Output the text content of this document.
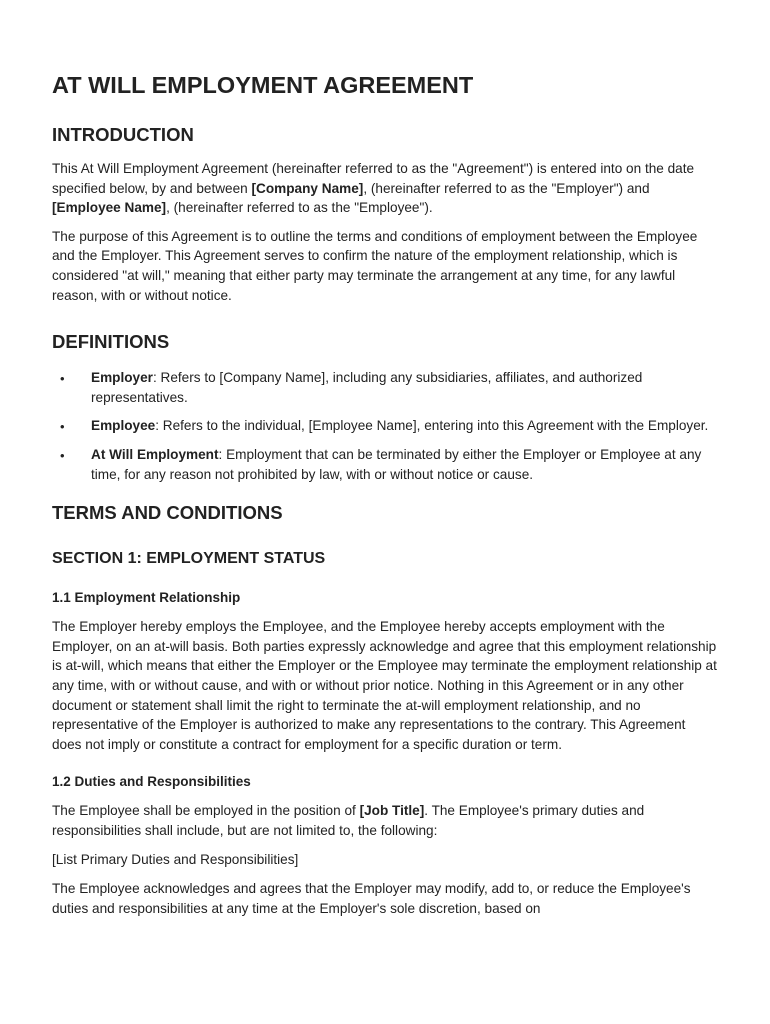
AT WILL EMPLOYMENT AGREEMENT
INTRODUCTION

This At Will Employment Agreement (hereinafter referred to as the "Agreement") is entered into on the date specified below, by and between [Company Name], (hereinafter referred to as the "Employer") and [Employee Name], (hereinafter referred to as the "Employee").

The purpose of this Agreement is to outline the terms and conditions of employment between the Employee and the Employer. This Agreement serves to confirm the nature of the employment relationship, which is considered "at will," meaning that either party may terminate the arrangement at any time, for any lawful reason, with or without notice.

DEFINITIONS
• Employer: Refers to [Company Name], including any subsidiaries, affiliates, and authorized representatives.
• Employee: Refers to the individual, [Employee Name], entering into this Agreement with the Employer.
• At Will Employment: Employment that can be terminated by either the Employer or Employee at any time, for any reason not prohibited by law, with or without notice or cause.
TERMS AND CONDITIONS
SECTION 1: EMPLOYMENT STATUS
1.1 Employment Relationship

The Employer hereby employs the Employee, and the Employee hereby accepts employment with the Employer, on an at-will basis. Both parties expressly acknowledge and agree that this employment relationship is at-will, which means that either the Employer or the Employee may terminate the employment relationship at any time, with or without cause, and with or without prior notice. Nothing in this Agreement or in any other document or statement shall limit the right to terminate the at-will employment relationship, and no representative of the Employer is authorized to make any representations to the contrary. This Agreement does not imply or constitute a contract for employment for a specific duration or term.

1.2 Duties and Responsibilities

The Employee shall be employed in the position of [Job Title]. The Employee's primary duties and responsibilities shall include, but are not limited to, the following:

[List Primary Duties and Responsibilities]

The Employee acknowledges and agrees that the Employer may modify, add to, or reduce the Employee's duties and responsibilities at any time at the Employer's sole discretion, based on
